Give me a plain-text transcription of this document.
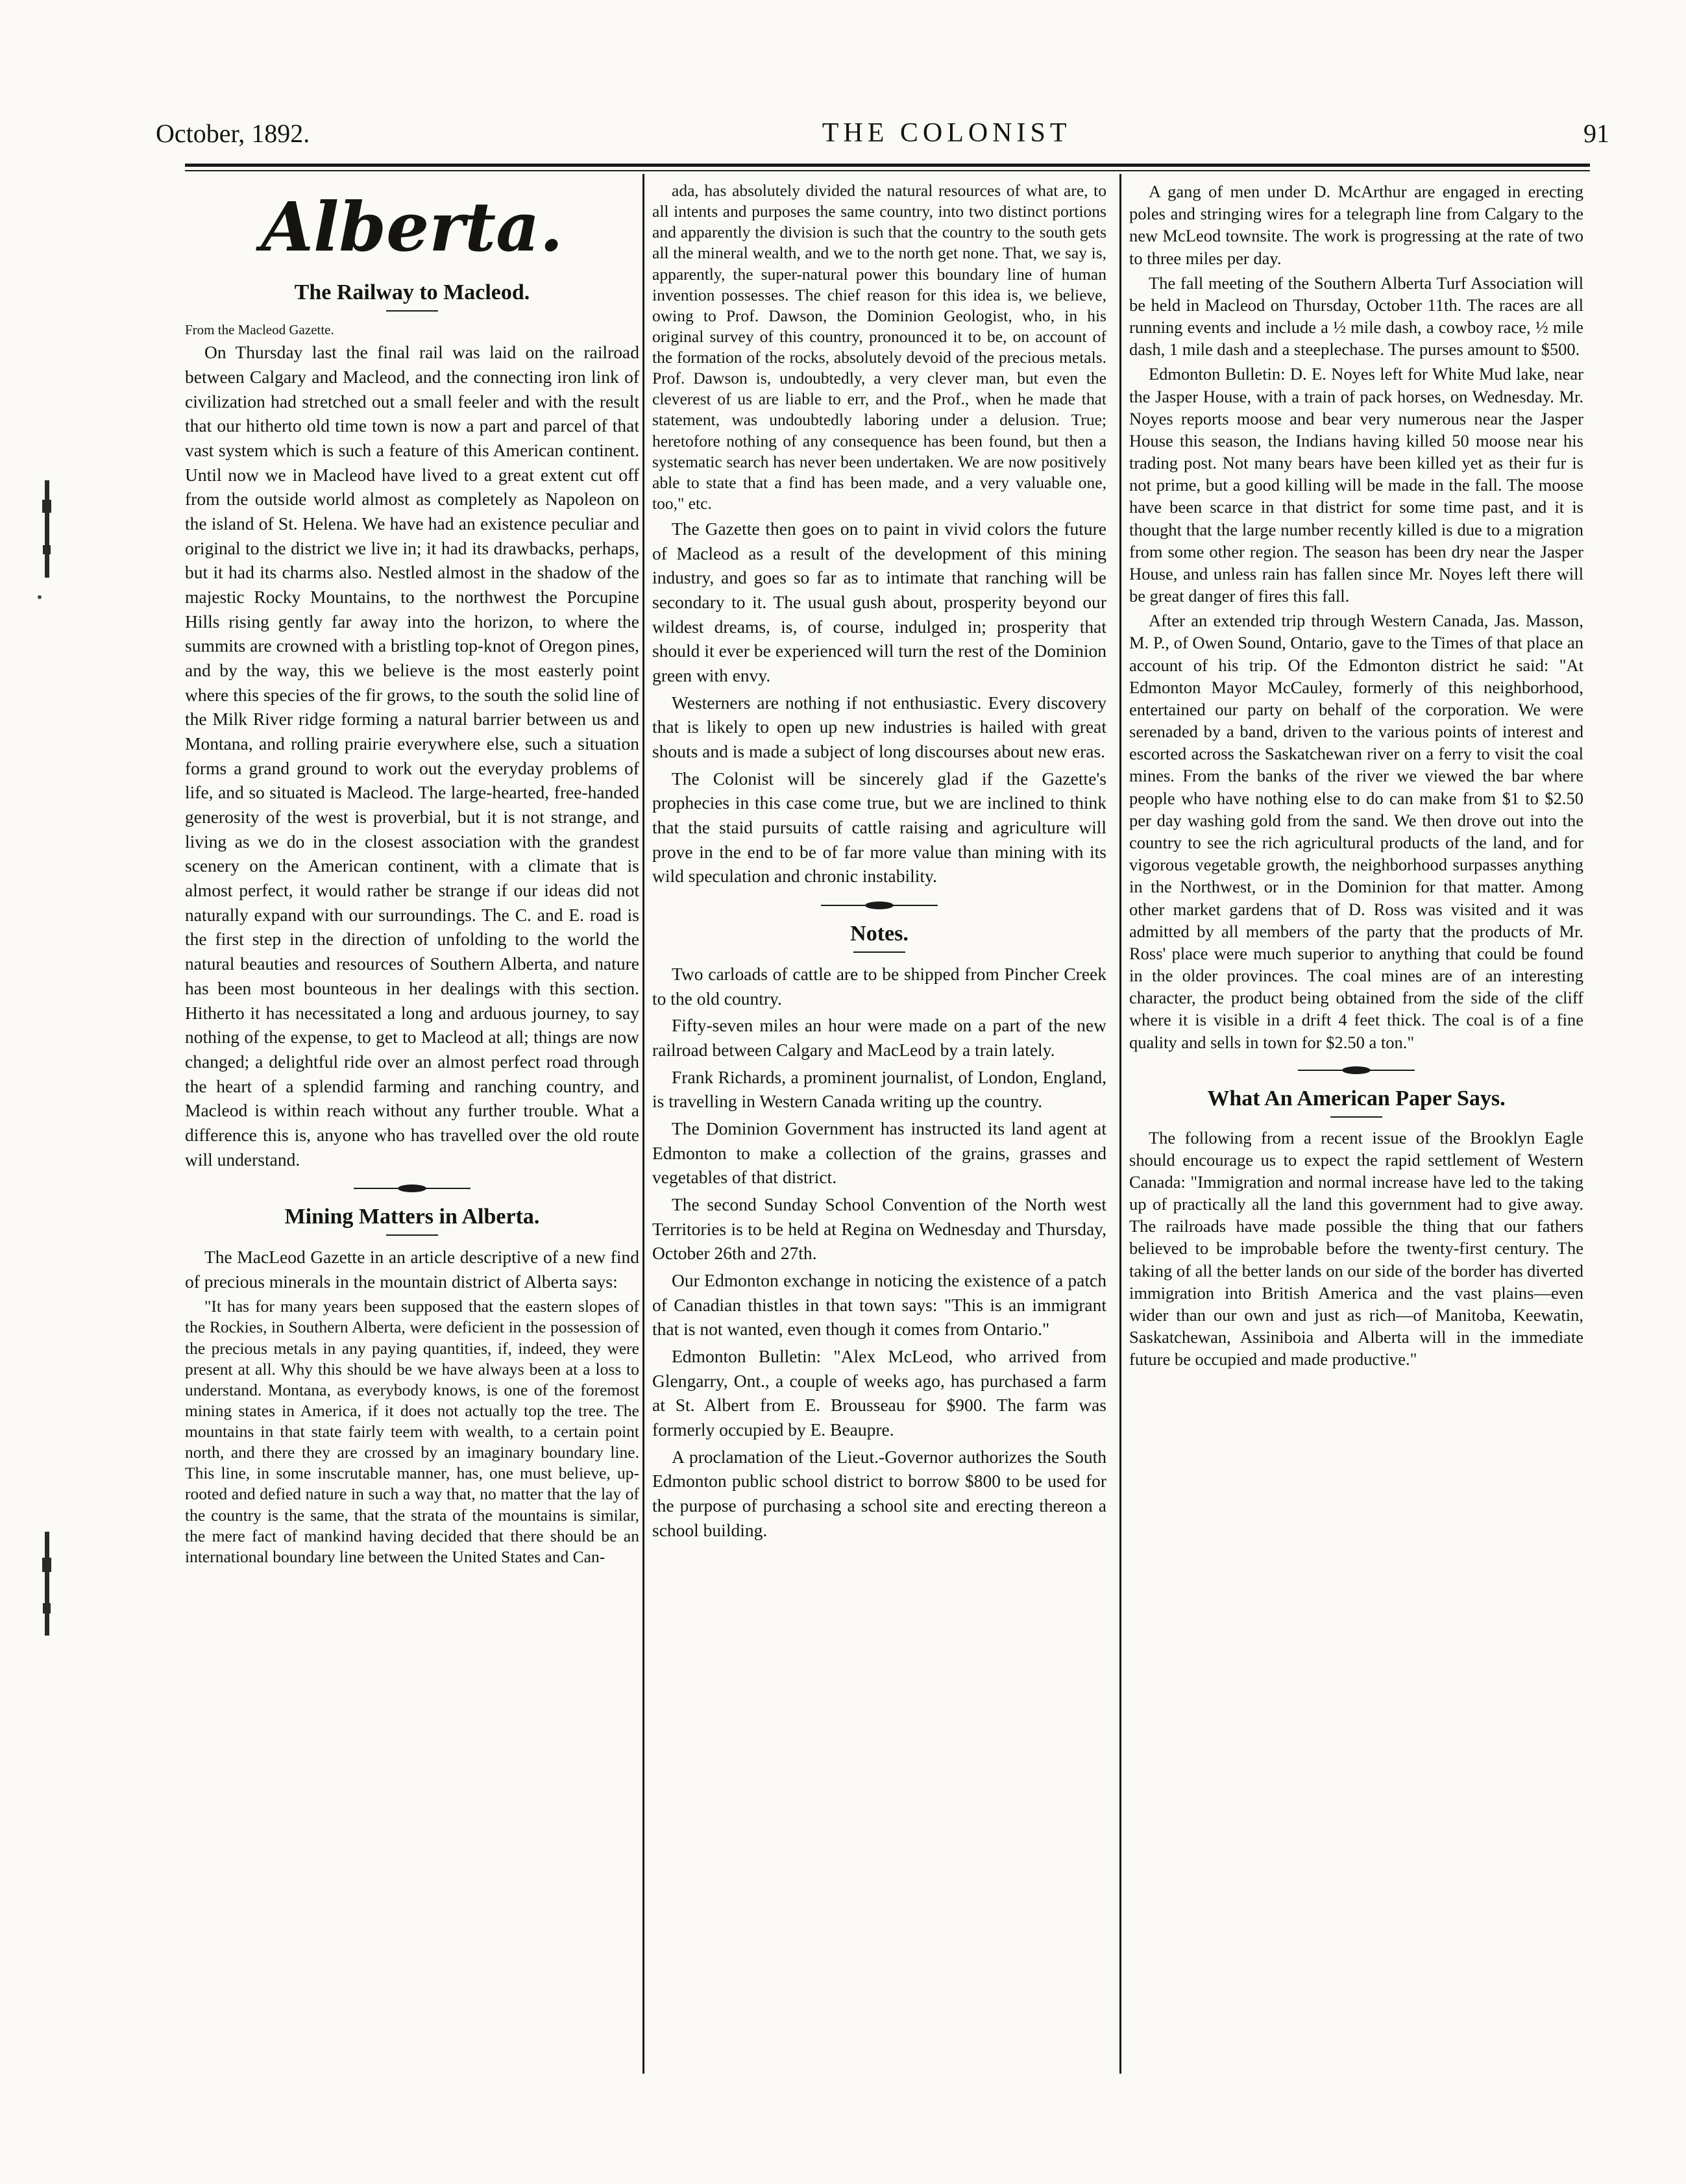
October, 1892.	THE COLONIST	91
Alberta.
The Railway to Macleod.

From the Macleod Gazette.

On Thursday last the final rail was laid on the railroad between Calgary and Macleod, and the connecting iron link of civilization had stretched out a small feeler and with the result that our hitherto old time town is now a part and parcel of that vast system which is such a feature of this American continent. Until now we in Macleod have lived to a great extent cut off from the outside world almost as completely as Napoleon on the island of St. Helena. We have had an existence peculiar and original to the district we live in; it had its drawbacks, perhaps, but it had its charms also. Nestled almost in the shadow of the majestic Rocky Mountains, to the northwest the Porcupine Hills rising gently far away into the horizon, to where the summits are crowned with a bristling top-knot of Oregon pines, and by the way, this we believe is the most easterly point where this species of the fir grows, to the south the solid line of the Milk River ridge forming a natural barrier between us and Montana, and rolling prairie everywhere else, such a situation forms a grand ground to work out the everyday problems of life, and so situated is Macleod. The large-hearted, free-handed generosity of the west is proverbial, but it is not strange, and living as we do in the closest association with the grandest scenery on the American continent, with a climate that is almost perfect, it would rather be strange if our ideas did not naturally expand with our surroundings. The C. and E. road is the first step in the direction of unfolding to the world the natural beauties and resources of Southern Alberta, and nature has been most bounteous in her dealings with this section. Hitherto it has necessitated a long and arduous journey, to say nothing of the expense, to get to Macleod at all; things are now changed; a delightful ride over an almost perfect road through the heart of a splendid farming and ranching country, and Macleod is within reach without any further trouble. What a difference this is, anyone who has travelled over the old route will understand.

Mining Matters in Alberta.

The MacLeod Gazette in an article descriptive of a new find of precious minerals in the mountain district of Alberta says:

"It has for many years been supposed that the eastern slopes of the Rockies, in Southern Alberta, were deficient in the possession of the precious metals in any paying quantities, if, indeed, they were present at all. Why this should be we have always been at a loss to understand. Montana, as everybody knows, is one of the foremost mining states in America, if it does not actually top the tree. The mountains in that state fairly teem with wealth, to a certain point north, and there they are crossed by an imaginary boundary line. This line, in some inscrutable manner, has, one must believe, up-rooted and defied nature in such a way that, no matter that the lay of the country is the same, that the strata of the mountains is similar, the mere fact of mankind having decided that there should be an international boundary line between the United States and Can-

ada, has absolutely divided the natural resources of what are, to all intents and purposes the same country, into two distinct portions and apparently the division is such that the country to the south gets all the mineral wealth, and we to the north get none. That, we say is, apparently, the super-natural power this boundary line of human invention possesses. The chief reason for this idea is, we believe, owing to Prof. Dawson, the Dominion Geologist, who, in his original survey of this country, pronounced it to be, on account of the formation of the rocks, absolutely devoid of the precious metals. Prof. Dawson is, undoubtedly, a very clever man, but even the cleverest of us are liable to err, and the Prof., when he made that statement, was undoubtedly laboring under a delusion. True; heretofore nothing of any consequence has been found, but then a systematic search has never been undertaken. We are now positively able to state that a find has been made, and a very valuable one, too," etc.

The Gazette then goes on to paint in vivid colors the future of Macleod as a result of the development of this mining industry, and goes so far as to intimate that ranching will be secondary to it. The usual gush about, prosperity beyond our wildest dreams, is, of course, indulged in; prosperity that should it ever be experienced will turn the rest of the Dominion green with envy.

Westerners are nothing if not enthusiastic. Every discovery that is likely to open up new industries is hailed with great shouts and is made a subject of long discourses about new eras.

The Colonist will be sincerely glad if the Gazette's prophecies in this case come true, but we are inclined to think that the staid pursuits of cattle raising and agriculture will prove in the end to be of far more value than mining with its wild speculation and chronic instability.

Notes.

Two carloads of cattle are to be shipped from Pincher Creek to the old country.

Fifty-seven miles an hour were made on a part of the new railroad between Calgary and MacLeod by a train lately.

Frank Richards, a prominent journalist, of London, England, is travelling in Western Canada writing up the country.

The Dominion Government has instructed its land agent at Edmonton to make a collection of the grains, grasses and vegetables of that district.

The second Sunday School Convention of the North west Territories is to be held at Regina on Wednesday and Thursday, October 26th and 27th.

Our Edmonton exchange in noticing the existence of a patch of Canadian thistles in that town says: "This is an immigrant that is not wanted, even though it comes from Ontario."

Edmonton Bulletin: "Alex McLeod, who arrived from Glengarry, Ont., a couple of weeks ago, has purchased a farm at St. Albert from E. Brousseau for $900. The farm was formerly occupied by E. Beaupre.

A proclamation of the Lieut.-Governor authorizes the South Edmonton public school district to borrow $800 to be used for the purpose of purchasing a school site and erecting thereon a school building.

A gang of men under D. McArthur are engaged in erecting poles and stringing wires for a telegraph line from Calgary to the new McLeod townsite. The work is progressing at the rate of two to three miles per day.

The fall meeting of the Southern Alberta Turf Association will be held in Macleod on Thursday, October 11th. The races are all running events and include a ½ mile dash, a cowboy race, ½ mile dash, 1 mile dash and a steeplechase. The purses amount to $500.

Edmonton Bulletin: D. E. Noyes left for White Mud lake, near the Jasper House, with a train of pack horses, on Wednesday. Mr. Noyes reports moose and bear very numerous near the Jasper House this season, the Indians having killed 50 moose near his trading post. Not many bears have been killed yet as their fur is not prime, but a good killing will be made in the fall. The moose have been scarce in that district for some time past, and it is thought that the large number recently killed is due to a migration from some other region. The season has been dry near the Jasper House, and unless rain has fallen since Mr. Noyes left there will be great danger of fires this fall.

After an extended trip through Western Canada, Jas. Masson, M. P., of Owen Sound, Ontario, gave to the Times of that place an account of his trip. Of the Edmonton district he said: "At Edmonton Mayor McCauley, formerly of this neighborhood, entertained our party on behalf of the corporation. We were serenaded by a band, driven to the various points of interest and escorted across the Saskatchewan river on a ferry to visit the coal mines. From the banks of the river we viewed the bar where people who have nothing else to do can make from $1 to $2.50 per day washing gold from the sand. We then drove out into the country to see the rich agricultural products of the land, and for vigorous vegetable growth, the neighborhood surpasses anything in the Northwest, or in the Dominion for that matter. Among other market gardens that of D. Ross was visited and it was admitted by all members of the party that the products of Mr. Ross' place were much superior to anything that could be found in the older provinces. The coal mines are of an interesting character, the product being obtained from the side of the cliff where it is visible in a drift 4 feet thick. The coal is of a fine quality and sells in town for $2.50 a ton."

What An American Paper Says.

The following from a recent issue of the Brooklyn Eagle should encourage us to expect the rapid settlement of Western Canada: "Immigration and normal increase have led to the taking up of practically all the land this government had to give away. The railroads have made possible the thing that our fathers believed to be improbable before the twenty-first century. The taking of all the better lands on our side of the border has diverted immigration into British America and the vast plains—even wider than our own and just as rich—of Manitoba, Keewatin, Saskatchewan, Assiniboia and Alberta will in the immediate future be occupied and made productive."
